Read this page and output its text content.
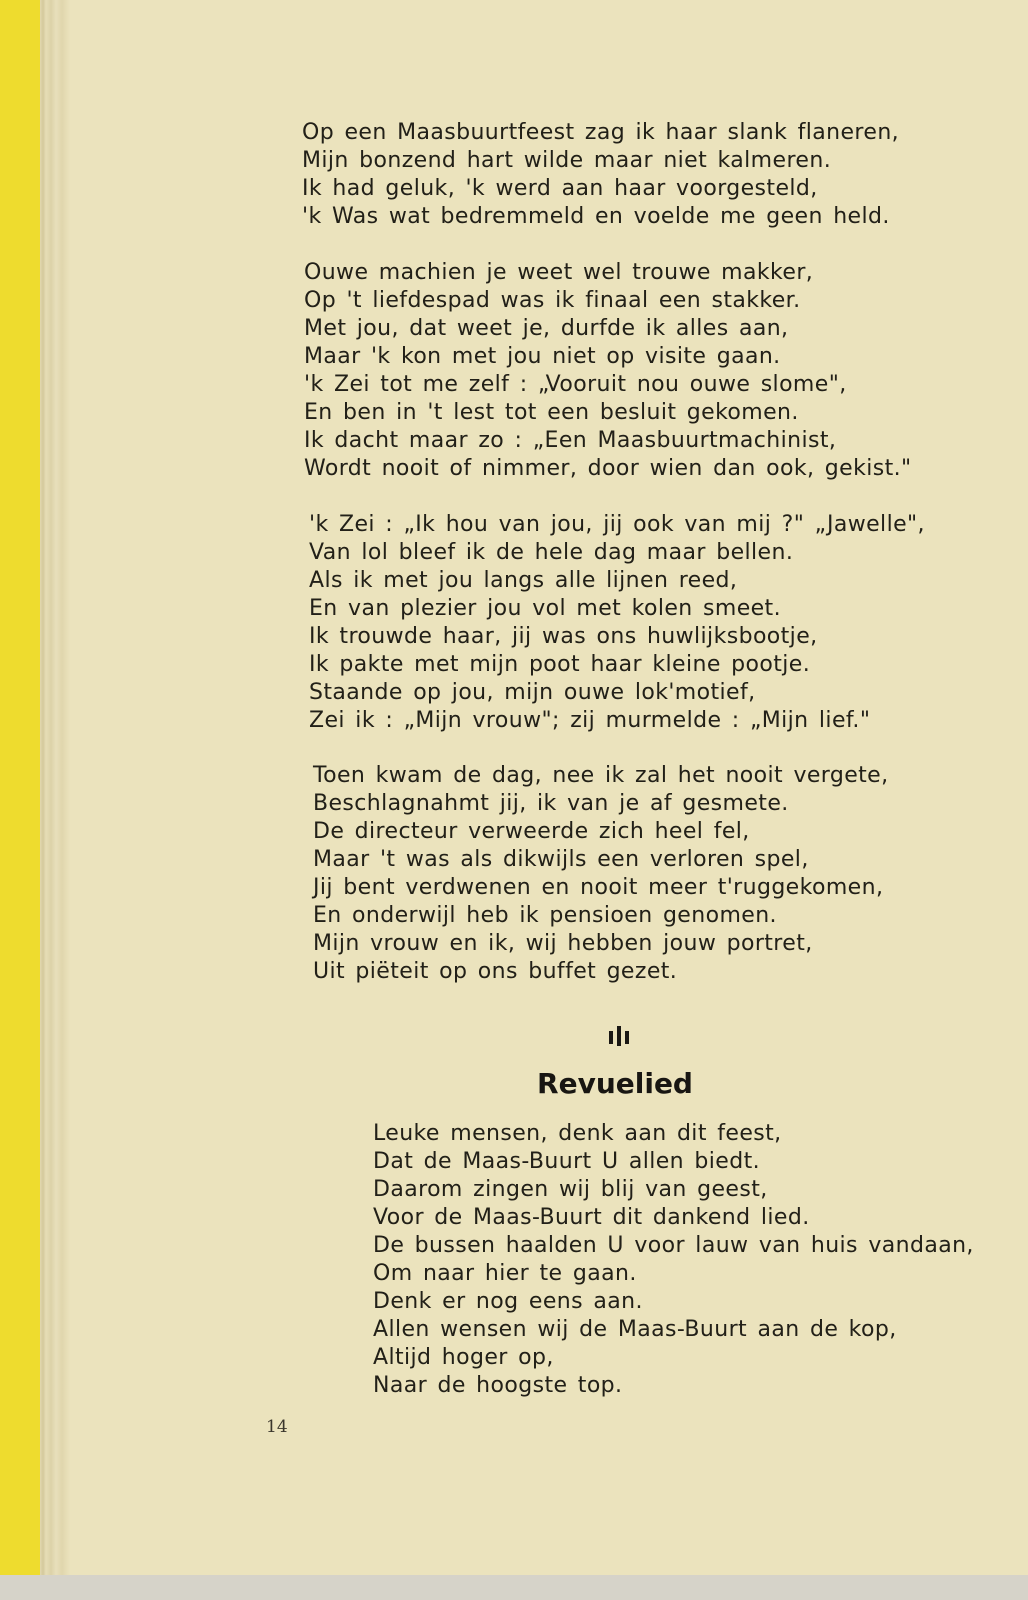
Op een Maasbuurtfeest zag ik haar slank flaneren,
Mijn bonzend hart wilde maar niet kalmeren.
Ik had geluk, 'k werd aan haar voorgesteld,
'k Was wat bedremmeld en voelde me geen held.
Ouwe machien je weet wel trouwe makker,
Op 't liefdespad was ik finaal een stakker.
Met jou, dat weet je, durfde ik alles aan,
Maar 'k kon met jou niet op visite gaan.
'k Zei tot me zelf : „Vooruit nou ouwe slome",
En ben in 't lest tot een besluit gekomen.
Ik dacht maar zo : „Een Maasbuurtmachinist,
Wordt nooit of nimmer, door wien dan ook, gekist."
'k Zei : „Ik hou van jou, jij ook van mij ?" „Jawelle",
Van lol bleef ik de hele dag maar bellen.
Als ik met jou langs alle lijnen reed,
En van plezier jou vol met kolen smeet.
Ik trouwde haar, jij was ons huwlijksbootje,
Ik pakte met mijn poot haar kleine pootje.
Staande op jou, mijn ouwe lok'motief,
Zei ik : „Mijn vrouw"; zij murmelde : „Mijn lief."
Toen kwam de dag, nee ik zal het nooit vergete,
Beschlagnahmt jij, ik van je af gesmete.
De directeur verweerde zich heel fel,
Maar 't was als dikwijls een verloren spel,
Jij bent verdwenen en nooit meer t'ruggekomen,
En onderwijl heb ik pensioen genomen.
Mijn vrouw en ik, wij hebben jouw portret,
Uit piëteit op ons buffet gezet.
Revuelied
Leuke mensen, denk aan dit feest,
Dat de Maas-Buurt U allen biedt.
Daarom zingen wij blij van geest,
Voor de Maas-Buurt dit dankend lied.
De bussen haalden U voor lauw van huis vandaan,
Om naar hier te gaan.
Denk er nog eens aan.
Allen wensen wij de Maas-Buurt aan de kop,
Altijd hoger op,
Naar de hoogste top.
14
